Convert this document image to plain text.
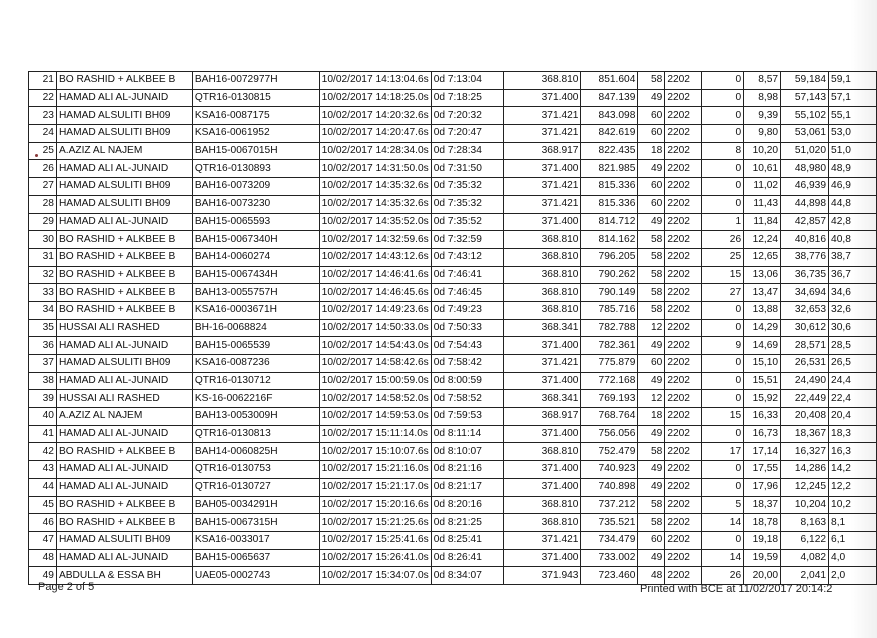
21	BO RASHID + ALKBEE B	BAH16-0072977H	10/02/2017 14:13:04.6s	0d 7:13:04	368.810	851.604	58	2202	0	8,57	59,184	59,1
22	HAMAD ALI AL-JUNAID	QTR16-0130815	10/02/2017 14:18:25.0s	0d 7:18:25	371.400	847.139	49	2202	0	8,98	57,143	57,1
23	HAMAD ALSULITI BH09	KSA16-0087175	10/02/2017 14:20:32.6s	0d 7:20:32	371.421	843.098	60	2202	0	9,39	55,102	55,1
24	HAMAD ALSULITI BH09	KSA16-0061952	10/02/2017 14:20:47.6s	0d 7:20:47	371.421	842.619	60	2202	0	9,80	53,061	53,0
25	A.AZIZ AL NAJEM	BAH15-0067015H	10/02/2017 14:28:34.0s	0d 7:28:34	368.917	822.435	18	2202	8	10,20	51,020	51,0
26	HAMAD ALI AL-JUNAID	QTR16-0130893	10/02/2017 14:31:50.0s	0d 7:31:50	371.400	821.985	49	2202	0	10,61	48,980	48,9
27	HAMAD ALSULITI BH09	BAH16-0073209	10/02/2017 14:35:32.6s	0d 7:35:32	371.421	815.336	60	2202	0	11,02	46,939	46,9
28	HAMAD ALSULITI BH09	BAH16-0073230	10/02/2017 14:35:32.6s	0d 7:35:32	371.421	815.336	60	2202	0	11,43	44,898	44,8
29	HAMAD ALI AL-JUNAID	BAH15-0065593	10/02/2017 14:35:52.0s	0d 7:35:52	371.400	814.712	49	2202	1	11,84	42,857	42,8
30	BO RASHID + ALKBEE B	BAH15-0067340H	10/02/2017 14:32:59.6s	0d 7:32:59	368.810	814.162	58	2202	26	12,24	40,816	40,8
31	BO RASHID + ALKBEE B	BAH14-0060274	10/02/2017 14:43:12.6s	0d 7:43:12	368.810	796.205	58	2202	25	12,65	38,776	38,7
32	BO RASHID + ALKBEE B	BAH15-0067434H	10/02/2017 14:46:41.6s	0d 7:46:41	368.810	790.262	58	2202	15	13,06	36,735	36,7
33	BO RASHID + ALKBEE B	BAH13-0055757H	10/02/2017 14:46:45.6s	0d 7:46:45	368.810	790.149	58	2202	27	13,47	34,694	34,6
34	BO RASHID + ALKBEE B	KSA16-0003671H	10/02/2017 14:49:23.6s	0d 7:49:23	368.810	785.716	58	2202	0	13,88	32,653	32,6
35	HUSSAI ALI RASHED	BH-16-0068824	10/02/2017 14:50:33.0s	0d 7:50:33	368.341	782.788	12	2202	0	14,29	30,612	30,6
36	HAMAD ALI AL-JUNAID	BAH15-0065539	10/02/2017 14:54:43.0s	0d 7:54:43	371.400	782.361	49	2202	9	14,69	28,571	28,5
37	HAMAD ALSULITI BH09	KSA16-0087236	10/02/2017 14:58:42.6s	0d 7:58:42	371.421	775.879	60	2202	0	15,10	26,531	26,5
38	HAMAD ALI AL-JUNAID	QTR16-0130712	10/02/2017 15:00:59.0s	0d 8:00:59	371.400	772.168	49	2202	0	15,51	24,490	24,4
39	HUSSAI ALI RASHED	KS-16-0062216F	10/02/2017 14:58:52.0s	0d 7:58:52	368.341	769.193	12	2202	0	15,92	22,449	22,4
40	A.AZIZ AL NAJEM	BAH13-0053009H	10/02/2017 14:59:53.0s	0d 7:59:53	368.917	768.764	18	2202	15	16,33	20,408	20,4
41	HAMAD ALI AL-JUNAID	QTR16-0130813	10/02/2017 15:11:14.0s	0d 8:11:14	371.400	756.056	49	2202	0	16,73	18,367	18,3
42	BO RASHID + ALKBEE B	BAH14-0060825H	10/02/2017 15:10:07.6s	0d 8:10:07	368.810	752.479	58	2202	17	17,14	16,327	16,3
43	HAMAD ALI AL-JUNAID	QTR16-0130753	10/02/2017 15:21:16.0s	0d 8:21:16	371.400	740.923	49	2202	0	17,55	14,286	14,2
44	HAMAD ALI AL-JUNAID	QTR16-0130727	10/02/2017 15:21:17.0s	0d 8:21:17	371.400	740.898	49	2202	0	17,96	12,245	12,2
45	BO RASHID + ALKBEE B	BAH05-0034291H	10/02/2017 15:20:16.6s	0d 8:20:16	368.810	737.212	58	2202	5	18,37	10,204	10,2
46	BO RASHID + ALKBEE B	BAH15-0067315H	10/02/2017 15:21:25.6s	0d 8:21:25	368.810	735.521	58	2202	14	18,78	8,163	8,1
47	HAMAD ALSULITI BH09	KSA16-0033017	10/02/2017 15:25:41.6s	0d 8:25:41	371.421	734.479	60	2202	0	19,18	6,122	6,1
48	HAMAD ALI AL-JUNAID	BAH15-0065637	10/02/2017 15:26:41.0s	0d 8:26:41	371.400	733.002	49	2202	14	19,59	4,082	4,0
49	ABDULLA & ESSA BH	UAE05-0002743	10/02/2017 15:34:07.0s	0d 8:34:07	371.943	723.460	48	2202	26	20,00	2,041	2,0
Page 2 of 5	Printed with BCE at 11/02/2017 20:14:2
